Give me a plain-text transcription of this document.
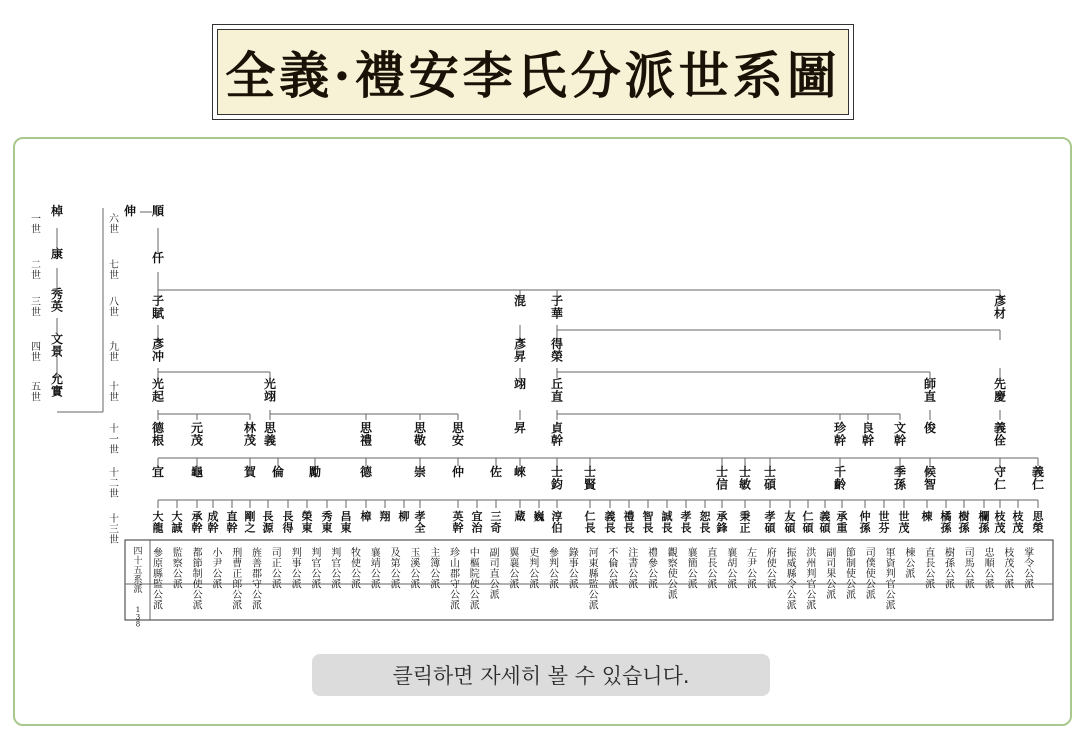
全義·禮安李氏分派世系圖
一世
二世
三世
四世
五世
六世
七世
八世
九世
十世
十一世
十二世
十三世
棹
康
秀英
文景
允實
伸 順
仟
子賦
混 子華
彥材
彥冲
彥昇
得榮
先慶
光起
光翊
翊 丘直
師直
德根
元茂
林茂
思義
思禮
思敬
思安
昇 貞幹
珍幹
良幹
文幹
俊	義佺
宜 龜	賀 倫 勵	德	崇 仲 佐 崍 士鈞
士賢
士信
士敏
士碩
千齡
季孫
候智
守仁
義仁
大龍
大誠
承幹
成幹
直幹
剛之
長源
長得
榮東
秀東
昌東
樟 翔 柳 孝全
英幹
宜治
三奇
蔵 巍 淳伯
仁長
義長
禮長
智長
誠長
孝長
恕長
承鋒
秉正
孝碩
友碩
仁碩
義碩
承重
仲孫
世芬
世茂
棟 橘孫
樹孫
欄孫
枝茂
枝茂
思榮
四十五系派
1 3 8
參原縣監公派
監察公派
都節制使公派
小尹公派
刑曹正郎公派
旌善郡守公派
司正公派
判事公派
判官公派
判官公派
牧使公派
襄靖公派
及第公派
玉溪公派
主簿公派
珍山郡守公派
中樞院使公派
副司直公派
翼襄公派
吏判公派
參判公派
錄事公派
河東縣監公派
不倫公派
注書公派
禮參公派
觀察使公派
襄簡公派
直長公派
襄胡公派
左尹公派
府使公派
振威縣令公派
洪州判官公派
副司果公派
節制使公派
司僕使公派
軍資判官公派
棟公派
直長公派
樹孫公派
司馬公派
忠順公派
枝茂公派
掌令公派
클릭하면 자세히 볼 수 있습니다.
